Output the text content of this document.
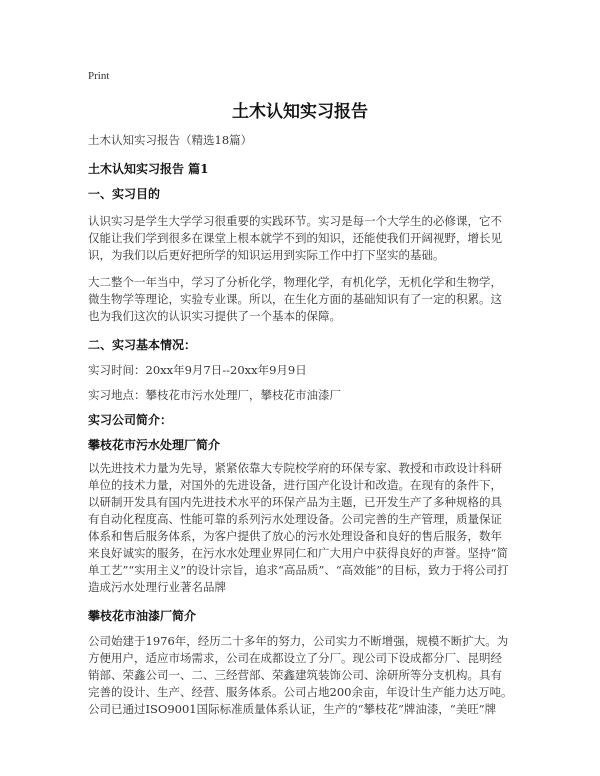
Print
土木认知实习报告

土木认知实习报告（精选18篇）

土木认知实习报告 篇1

一、实习目的

认识实习是学生大学学习很重要的实践环节。实习是每一个大学生的必修课，它不仅能让我们学到很多在课堂上根本就学不到的知识，还能使我们开阔视野，增长见识，为我们以后更好把所学的知识运用到实际工作中打下坚实的基础。

大二整个一年当中，学习了分析化学，物理化学，有机化学，无机化学和生物学，微生物学等理论，实验专业课。所以，在生化方面的基础知识有了一定的积累。这也为我们这次的认识实习提供了一个基本的保障。

二、实习基本情况：

实习时间：20xx年9月7日--20xx年9月9日

实习地点：攀枝花市污水处理厂，攀枝花市油漆厂

实习公司简介：

攀枝花市污水处理厂简介

以先进技术力量为先导，紧紧依靠大专院校学府的环保专家、教授和市政设计科研单位的技术力量，对国外的先进设备，进行国产化设计和改造。在现有的条件下，以研制开发具有国内先进技术水平的环保产品为主题，已开发生产了多种规格的具有自动化程度高、性能可靠的系列污水处理设备。公司完善的生产管理，质量保证体系和售后服务体系，为客户提供了放心的污水处理设备和良好的售后服务，数年来良好诚实的服务，在污水水处理业界同仁和广大用户中获得良好的声誉。坚持“简单工艺”“实用主义”的设计宗旨，追求“高品质”、“高效能”的目标，致力于将公司打造成污水处理行业著名品牌

攀枝花市油漆厂简介

公司始建于1976年，经历二十多年的努力，公司实力不断增强，规模不断扩大。为方便用户，适应市场需求，公司在成都设立了分厂。现公司下设成都分厂、昆明经销部、荣鑫公司一、二、三经营部、荣鑫建筑装饰公司、涂研所等分支机构。具有完善的设计、生产、经营、服务体系。公司占地200余亩，年设计生产能力达万吨。公司已通过ISO9001国际标准质量体系认证，生产的“攀枝花”牌油漆，“美旺”牌
